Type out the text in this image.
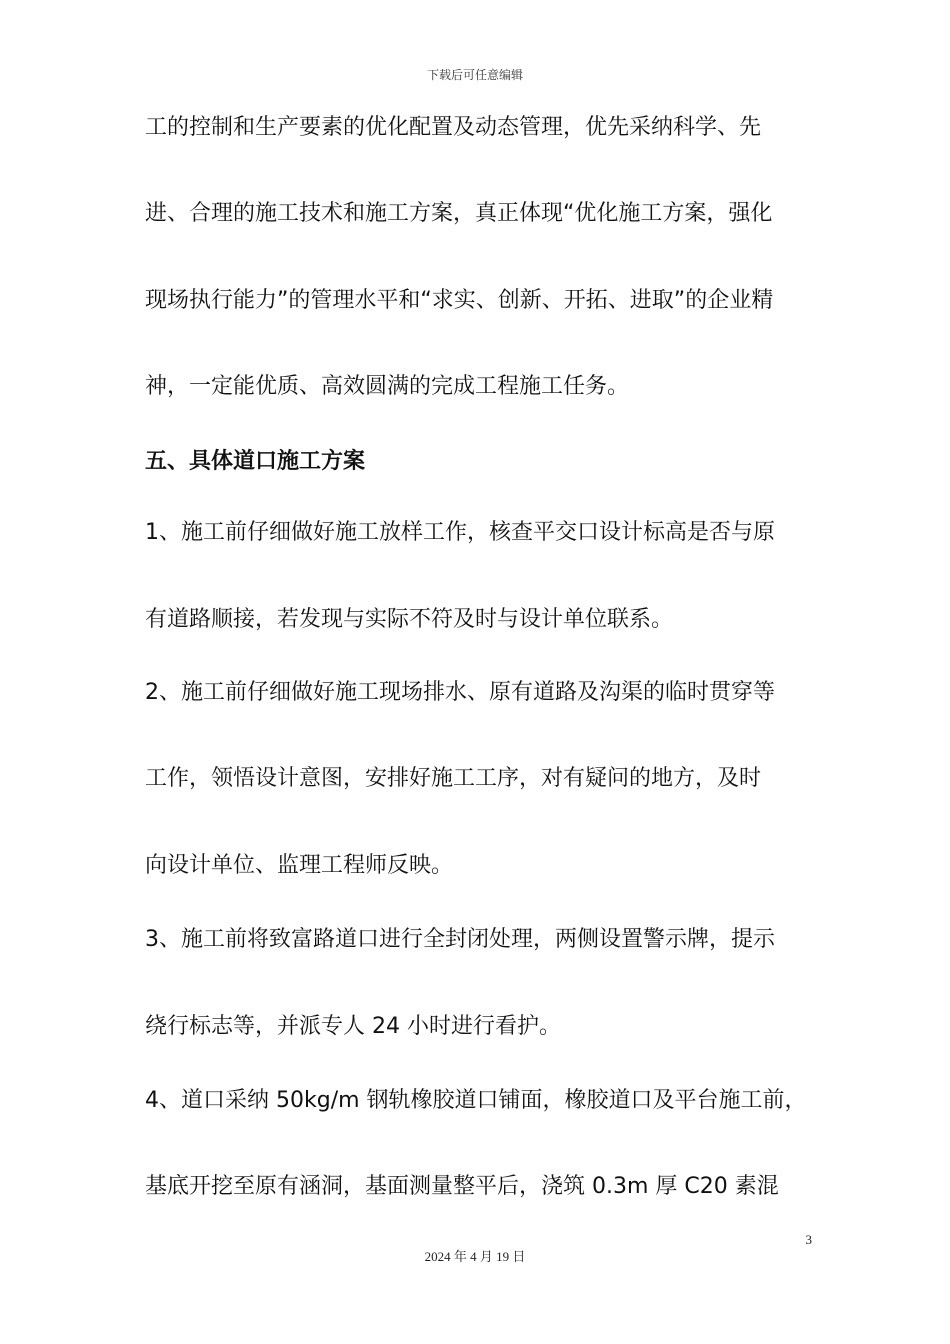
下载后可任意编辑
工的控制和生产要素的优化配置及动态管理，优先采纳科学、先
进、合理的施工技术和施工方案，真正体现“优化施工方案，强化
现场执行能力”的管理水平和“求实、创新、开拓、进取”的企业精
神，一定能优质、高效圆满的完成工程施工任务。
五、具体道口施工方案
1、施工前仔细做好施工放样工作，核查平交口设计标高是否与原
有道路顺接，若发现与实际不符及时与设计单位联系。
2、施工前仔细做好施工现场排水、原有道路及沟渠的临时贯穿等
工作，领悟设计意图，安排好施工工序，对有疑问的地方，及时
向设计单位、监理工程师反映。
3、施工前将致富路道口进行全封闭处理，两侧设置警示牌，提示
绕行标志等，并派专人 24 小时进行看护。
4、道口采纳 50kg/m 钢轨橡胶道口铺面，橡胶道口及平台施工前，
基底开挖至原有涵洞，基面测量整平后，浇筑 0.3m 厚 C20 素混
3
2024 年 4 月 19 日
